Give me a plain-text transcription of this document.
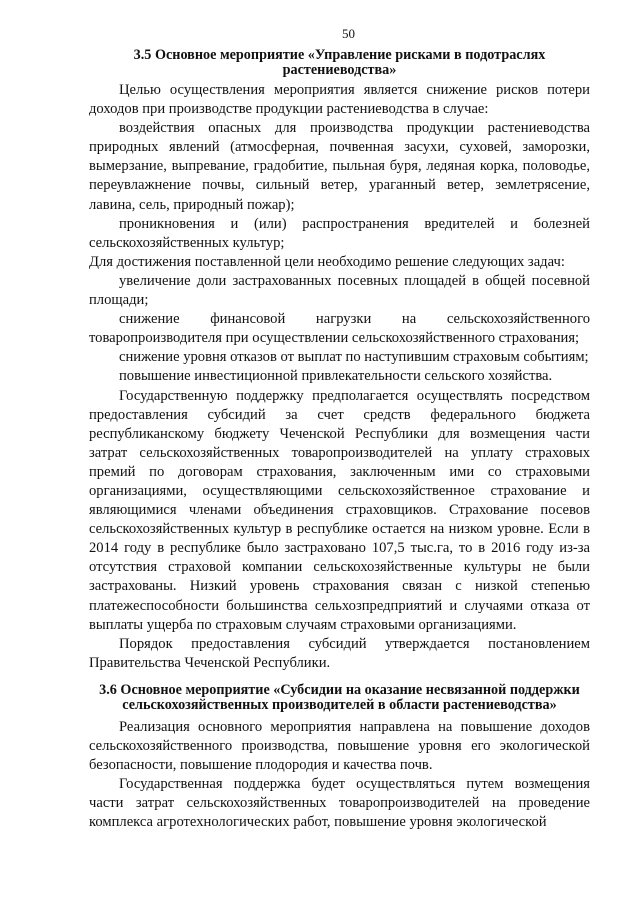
50
3.5 Основное мероприятие «Управление рисками в подотраслях растениеводства»

Целью осуществления мероприятия является снижение рисков потери доходов при производстве продукции растениеводства в случае:

воздействия опасных для производства продукции растениеводства природных явлений (атмосферная, почвенная засухи, суховей, заморозки, вымерзание, выпревание, градобитие, пыльная буря, ледяная корка, половодье, переувлажнение почвы, сильный ветер, ураганный ветер, землетрясение, лавина, сель, природный пожар);

проникновения и (или) распространения вредителей и болезней сельскохозяйственных культур;

Для достижения поставленной цели необходимо решение следующих задач:

увеличение доли застрахованных посевных площадей в общей посевной площади;

снижение финансовой нагрузки на сельскохозяйственного товаропроизводителя при осуществлении сельскохозяйственного страхования;

снижение уровня отказов от выплат по наступившим страховым событиям;

повышение инвестиционной привлекательности сельского хозяйства.

Государственную поддержку предполагается осуществлять посредством предоставления субсидий за счет средств федерального бюджета республиканскому бюджету Чеченской Республики для возмещения части затрат сельскохозяйственных товаропроизводителей на уплату страховых премий по договорам страхования, заключенным ими со страховыми организациями, осуществляющими сельскохозяйственное страхование и являющимися членами объединения страховщиков. Страхование посевов сельскохозяйственных культур в республике остается на низком уровне. Если в 2014 году в республике было застраховано 107,5 тыс.га, то в 2016 году из-за отсутствия страховой компании сельскохозяйственные культуры не были застрахованы. Низкий уровень страхования связан с низкой степенью платежеспособности большинства сельхозпредприятий и случаями отказа от выплаты ущерба по страховым случаям страховыми организациями.

Порядок предоставления субсидий утверждается постановлением Правительства Чеченской Республики.

3.6 Основное мероприятие «Субсидии на оказание несвязанной поддержки сельскохозяйственных производителей в области растениеводства»

Реализация основного мероприятия направлена на повышение доходов сельскохозяйственного производства, повышение уровня его экологической безопасности, повышение плодородия и качества почв.

Государственная поддержка будет осуществляться путем возмещения части затрат сельскохозяйственных товаропроизводителей на проведение комплекса агротехнологических работ, повышение уровня экологической
